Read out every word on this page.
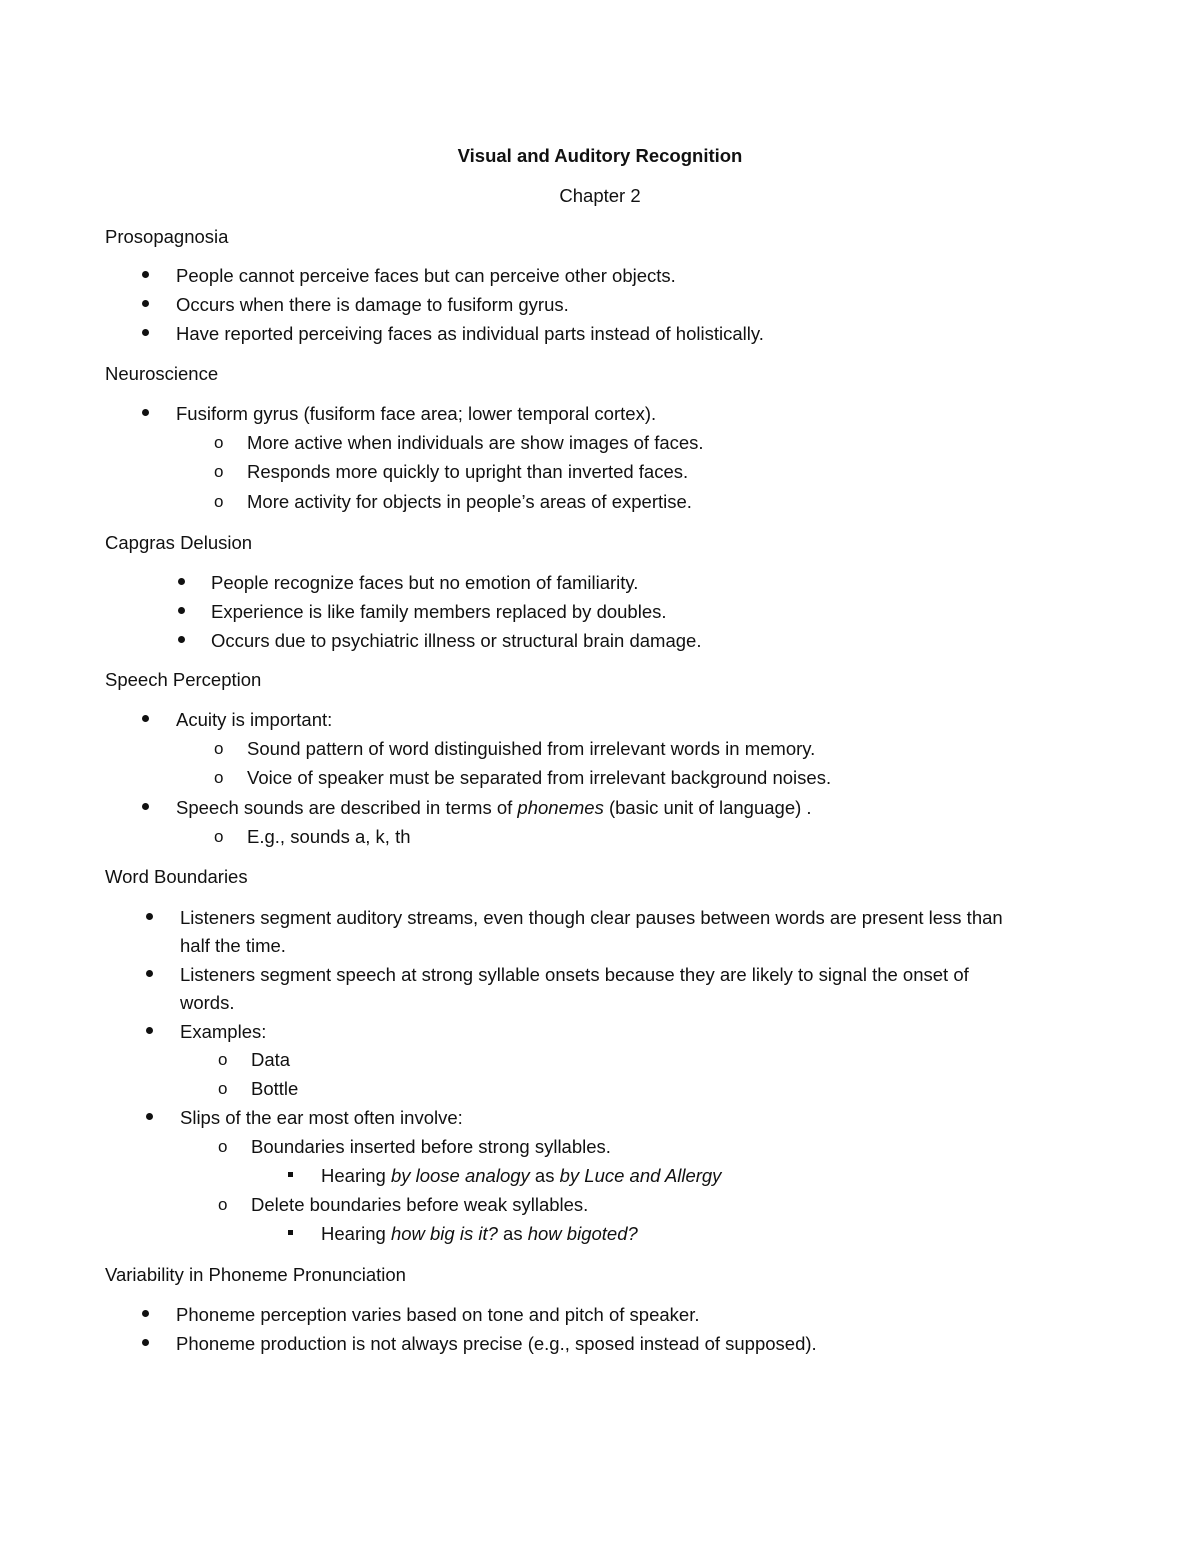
Visual and Auditory Recognition
Chapter 2
Prosopagnosia
People cannot perceive faces but can perceive other objects.
Occurs when there is damage to fusiform gyrus.
Have reported perceiving faces as individual parts instead of holistically.
Neuroscience
Fusiform gyrus (fusiform face area; lower temporal cortex).
o More active when individuals are show images of faces.
o Responds more quickly to upright than inverted faces.
o More activity for objects in people’s areas of expertise.
Capgras Delusion
People recognize faces but no emotion of familiarity.
Experience is like family members replaced by doubles.
Occurs due to psychiatric illness or structural brain damage.
Speech Perception
Acuity is important:
o Sound pattern of word distinguished from irrelevant words in memory.
o Voice of speaker must be separated from irrelevant background noises.
Speech sounds are described in terms of phonemes (basic unit of language) .
o E.g., sounds a, k, th
Word Boundaries
Listeners segment auditory streams, even though clear pauses between words are present less than
half the time.
Listeners segment speech at strong syllable onsets because they are likely to signal the onset of
words.
Examples:
o Data
o Bottle
Slips of the ear most often involve:
o Boundaries inserted before strong syllables.
Hearing by loose analogy as by Luce and Allergy
o Delete boundaries before weak syllables.
Hearing how big is it? as how bigoted?
Variability in Phoneme Pronunciation
Phoneme perception varies based on tone and pitch of speaker.
Phoneme production is not always precise (e.g., sposed instead of supposed).
